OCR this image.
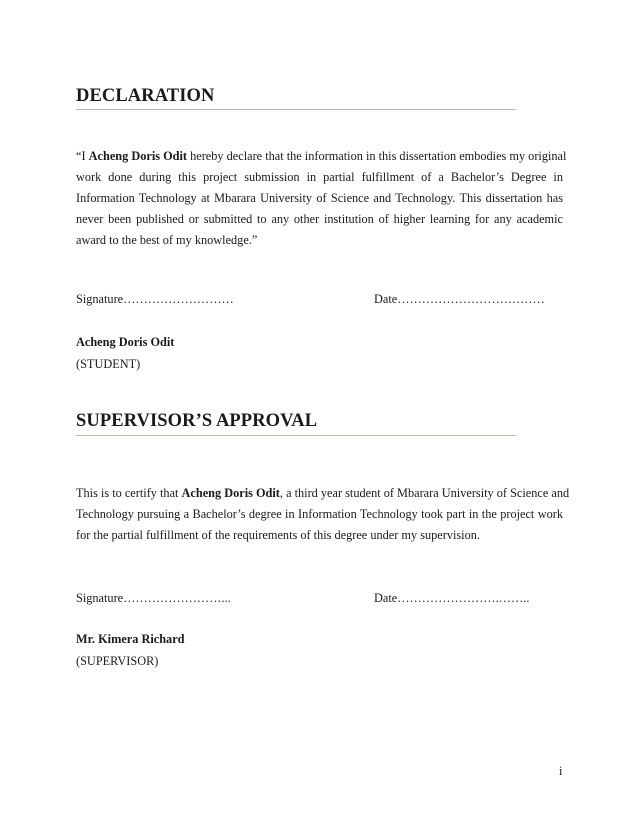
DECLARATION
“I Acheng Doris Odit hereby declare that the information in this dissertation embodies my original
work done during this project submission in partial fulfillment of a Bachelor’s Degree in
Information Technology at Mbarara University of Science and Technology. This dissertation has
never been published or submitted to any other institution of higher learning for any academic
award to the best of my knowledge.”
Signature………………………	Date………………………………
Acheng Doris Odit
(STUDENT)
SUPERVISOR’S APPROVAL
This is to certify that Acheng Doris Odit, a third year student of Mbarara University of Science and
Technology pursuing a Bachelor’s degree in Information Technology took part in the project work
for the partial fulfillment of the requirements of this degree under my supervision.
Signature……………………...	Date…………………….……..
Mr. Kimera Richard
(SUPERVISOR)
i
